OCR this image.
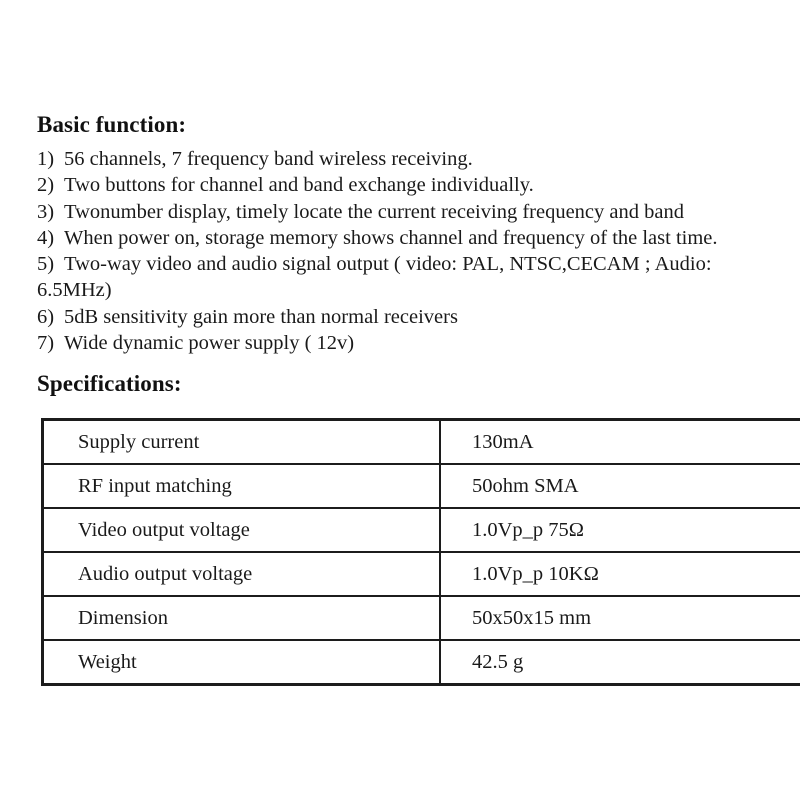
Basic function:
1) 56 channels, 7 frequency band wireless receiving.
2) Two buttons for channel and band exchange individually.
3) Twonumber display, timely locate the current receiving frequency and band
4) When power on, storage memory shows channel and frequency of the last time.
5) Two-way video and audio signal output ( video: PAL, NTSC,CECAM ; Audio:
6.5MHz)
6) 5dB sensitivity gain more than normal receivers
7) Wide dynamic power supply ( 12v)
Specifications:
Supply current	130mA
RF input matching	50ohm SMA
Video output voltage	1.0Vp_p 75Ω
Audio output voltage	1.0Vp_p 10KΩ
Dimension	50x50x15 mm
Weight	42.5 g
